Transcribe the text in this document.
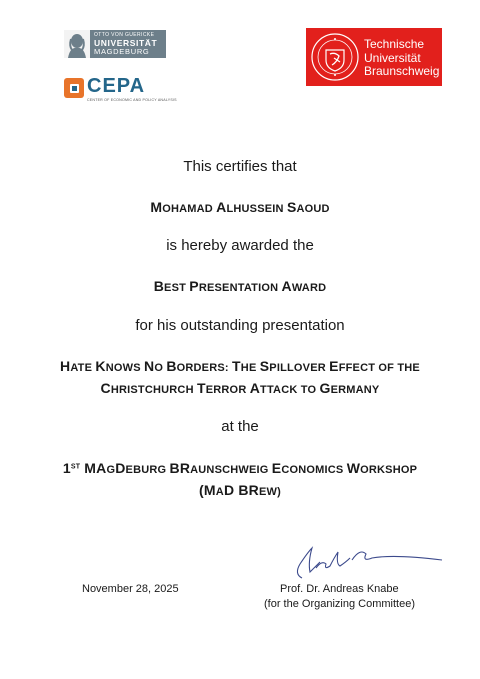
OTTO VON GUERICKE
UNIVERSITÄT
MAGDEBURG
CEPA
CENTER OF ECONOMIC AND POLICY ANALYSIS
Technische
Universität
Braunschweig
This certifies that
MOHAMAD ALHUSSEIN SAOUD
is hereby awarded the
BEST PRESENTATION AWARD
for his outstanding presentation
HATE KNOWS NO BORDERS: THE SPILLOVER EFFECT OF THE
CHRISTCHURCH TERROR ATTACK TO GERMANY
at the
1ST MAGDEBURG BRAUNSCHWEIG ECONOMICS WORKSHOP
(MAD BREW)
November 28, 2025	Prof. Dr. Andreas Knabe
(for the Organizing Committee)
